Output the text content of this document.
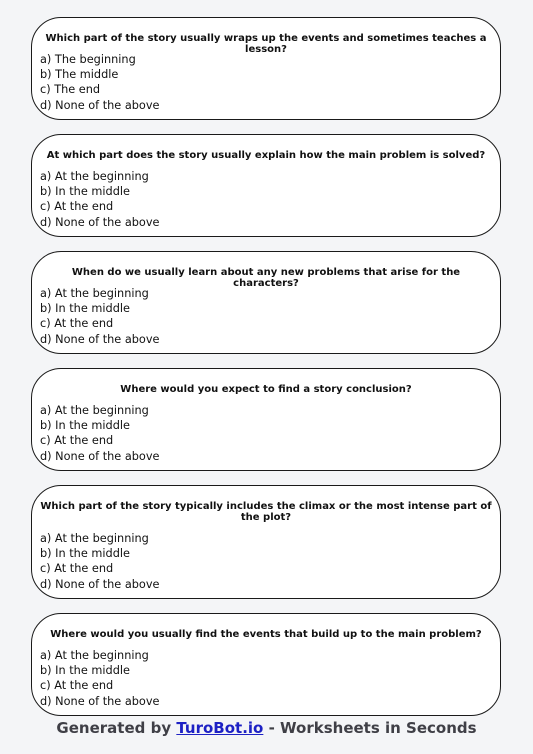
Which part of the story usually wraps up the events and sometimes teaches a lesson?
a) The beginning
b) The middle
c) The end
d) None of the above
At which part does the story usually explain how the main problem is solved?
a) At the beginning
b) In the middle
c) At the end
d) None of the above
When do we usually learn about any new problems that arise for the characters?
a) At the beginning
b) In the middle
c) At the end
d) None of the above
Where would you expect to find a story conclusion?
a) At the beginning
b) In the middle
c) At the end
d) None of the above
Which part of the story typically includes the climax or the most intense part of the plot?
a) At the beginning
b) In the middle
c) At the end
d) None of the above
Where would you usually find the events that build up to the main problem?
a) At the beginning
b) In the middle
c) At the end
d) None of the above
Generated by TuroBot.io - Worksheets in Seconds
